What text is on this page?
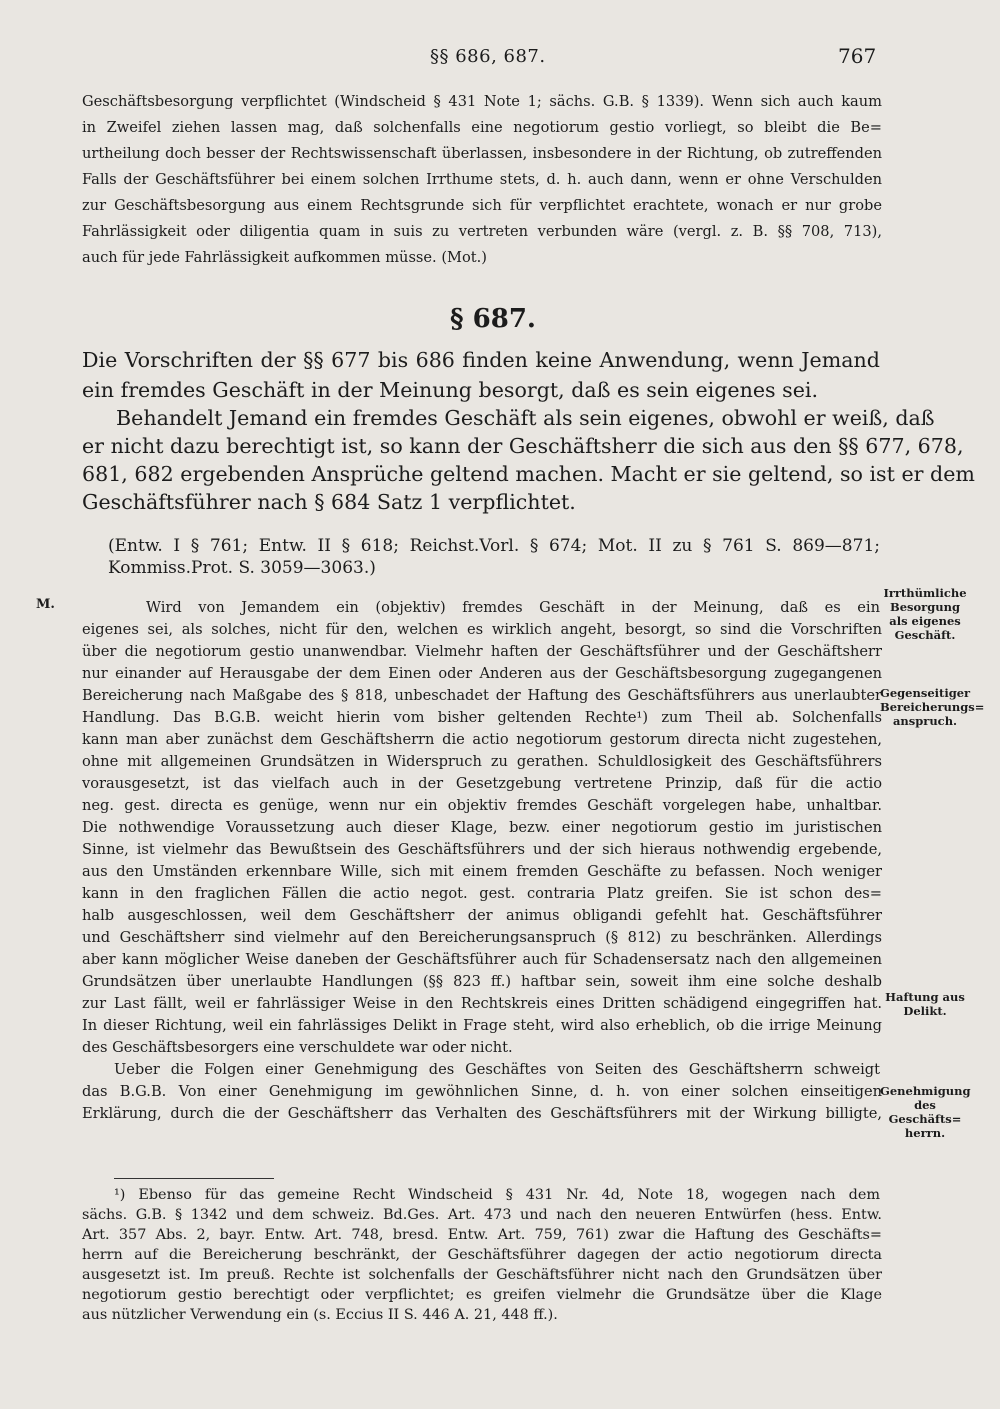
§§ 686, 687.	767
Geschäftsbesorgung verpflichtet (Windscheid § 431 Note 1; sächs. G.B. § 1339). Wenn sich auch kaum
in Zweifel ziehen lassen mag, daß solchenfalls eine negotiorum gestio vorliegt, so bleibt die Be=
urtheilung doch besser der Rechtswissenschaft überlassen, insbesondere in der Richtung, ob zutreffenden
Falls der Geschäftsführer bei einem solchen Irrthume stets, d. h. auch dann, wenn er ohne Verschulden
zur Geschäftsbesorgung aus einem Rechtsgrunde sich für verpflichtet erachtete, wonach er nur grobe
Fahrlässigkeit oder diligentia quam in suis zu vertreten verbunden wäre (vergl. z. B. §§ 708, 713),
auch für jede Fahrlässigkeit aufkommen müsse. (Mot.)
§ 687.
Die Vorschriften der §§ 677 bis 686 finden keine Anwendung, wenn Jemand
ein fremdes Geschäft in der Meinung besorgt, daß es sein eigenes sei.
Behandelt Jemand ein fremdes Geschäft als sein eigenes, obwohl er weiß, daß
er nicht dazu berechtigt ist, so kann der Geschäftsherr die sich aus den §§ 677, 678,
681, 682 ergebenden Ansprüche geltend machen. Macht er sie geltend, so ist er dem
Geschäftsführer nach § 684 Satz 1 verpflichtet.
(Entw. I § 761; Entw. II § 618; Reichst.Vorl. § 674; Mot. II zu § 761 S. 869—871;
Kommiss.Prot. S. 3059—3063.)
M.	Wird von Jemandem ein (objektiv) fremdes Geschäft in der Meinung, daß es ein
eigenes sei, als solches, nicht für den, welchen es wirklich angeht, besorgt, so sind die Vorschriften
über die negotiorum gestio unanwendbar. Vielmehr haften der Geschäftsführer und der Geschäftsherr
nur einander auf Herausgabe der dem Einen oder Anderen aus der Geschäftsbesorgung zugegangenen
Bereicherung nach Maßgabe des § 818, unbeschadet der Haftung des Geschäftsführers aus unerlaubter
Handlung. Das B.G.B. weicht hierin vom bisher geltenden Rechte¹) zum Theil ab. Solchenfalls
kann man aber zunächst dem Geschäftsherrn die actio negotiorum gestorum directa nicht zugestehen,
ohne mit allgemeinen Grundsätzen in Widerspruch zu gerathen. Schuldlosigkeit des Geschäftsführers
vorausgesetzt, ist das vielfach auch in der Gesetzgebung vertretene Prinzip, daß für die actio
neg. gest. directa es genüge, wenn nur ein objektiv fremdes Geschäft vorgelegen habe, unhaltbar.
Die nothwendige Voraussetzung auch dieser Klage, bezw. einer negotiorum gestio im juristischen
Sinne, ist vielmehr das Bewußtsein des Geschäftsführers und der sich hieraus nothwendig ergebende,
aus den Umständen erkennbare Wille, sich mit einem fremden Geschäfte zu befassen. Noch weniger
kann in den fraglichen Fällen die actio negot. gest. contraria Platz greifen. Sie ist schon des=
halb ausgeschlossen, weil dem Geschäftsherr der animus obligandi gefehlt hat. Geschäftsführer
und Geschäftsherr sind vielmehr auf den Bereicherungsanspruch (§ 812) zu beschränken. Allerdings
aber kann möglicher Weise daneben der Geschäftsführer auch für Schadensersatz nach den allgemeinen
Grundsätzen über unerlaubte Handlungen (§§ 823 ff.) haftbar sein, soweit ihm eine solche deshalb
zur Last fällt, weil er fahrlässiger Weise in den Rechtskreis eines Dritten schädigend eingegriffen hat.
In dieser Richtung, weil ein fahrlässiges Delikt in Frage steht, wird also erheblich, ob die irrige Meinung
des Geschäftsbesorgers eine verschuldete war oder nicht.
Ueber die Folgen einer Genehmigung des Geschäftes von Seiten des Geschäftsherrn schweigt
das B.G.B. Von einer Genehmigung im gewöhnlichen Sinne, d. h. von einer solchen einseitigen
Erklärung, durch die der Geschäftsherr das Verhalten des Geschäftsführers mit der Wirkung billigte,
Irrthümliche Besorgung als eigenes Geschäft.
Gegenseitiger Bereicherungs= anspruch.
Haftung aus Delikt.
Genehmigung des Geschäfts= herrn.
¹) Ebenso für das gemeine Recht Windscheid § 431 Nr. 4d, Note 18, wogegen nach dem
sächs. G.B. § 1342 und dem schweiz. Bd.Ges. Art. 473 und nach den neueren Entwürfen (hess. Entw.
Art. 357 Abs. 2, bayr. Entw. Art. 748, bresd. Entw. Art. 759, 761) zwar die Haftung des Geschäfts=
herrn auf die Bereicherung beschränkt, der Geschäftsführer dagegen der actio negotiorum directa
ausgesetzt ist. Im preuß. Rechte ist solchenfalls der Geschäftsführer nicht nach den Grundsätzen über
negotiorum gestio berechtigt oder verpflichtet; es greifen vielmehr die Grundsätze über die Klage
aus nützlicher Verwendung ein (s. Eccius II S. 446 A. 21, 448 ff.).
